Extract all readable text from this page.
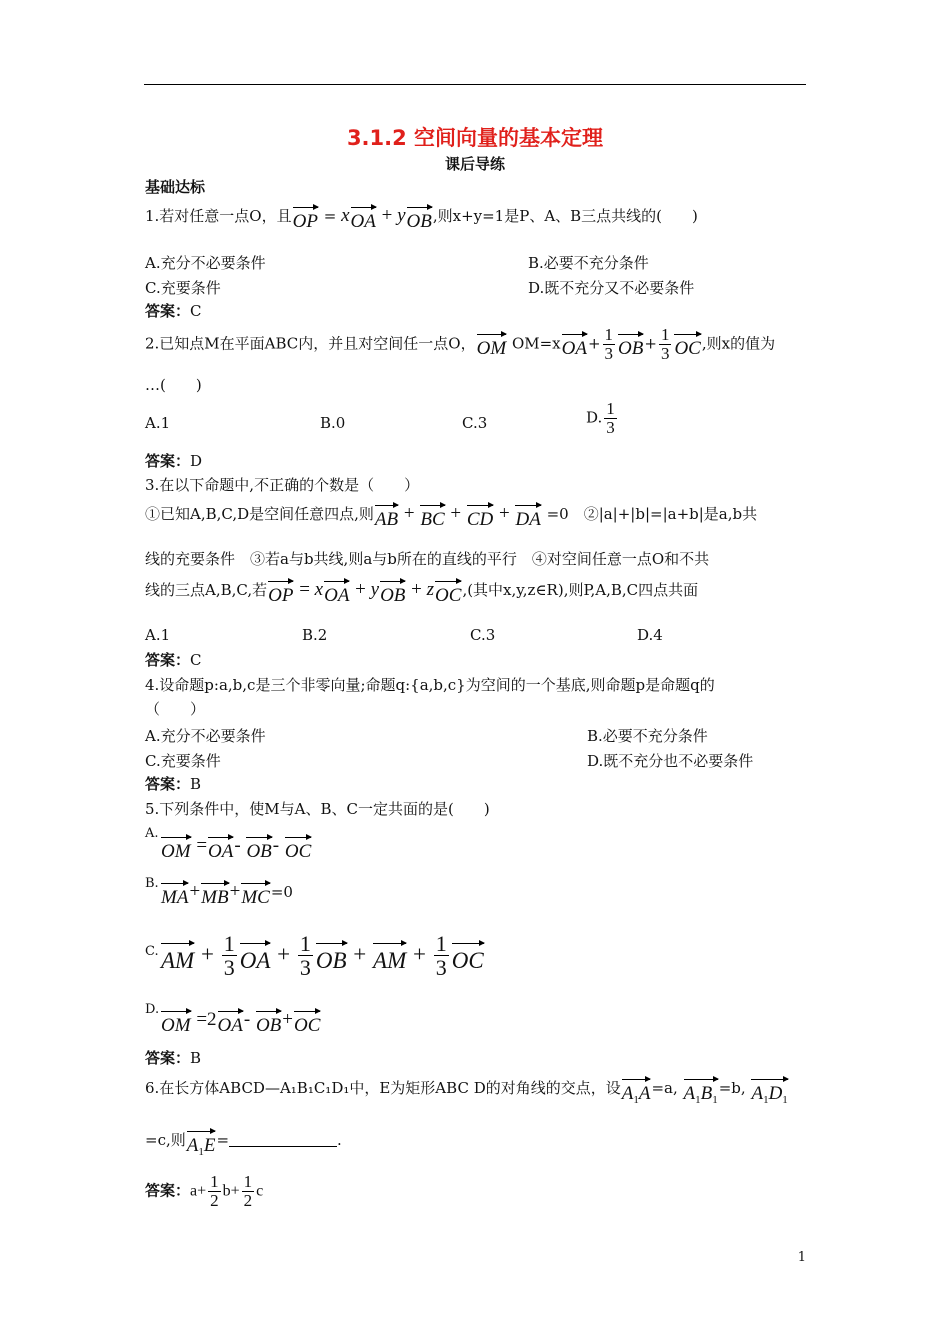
3.1.2 空间向量的基本定理
课后导练
基础达标
1.若对任意一点O，且OP = xOA + yOB,则x+y=1是P、A、B三点共线的(　　)
A.充分不必要条件	B.必要不充分条件
C.充要条件	D.既不充分又不必要条件
答案：C
2.已知点M在平面ABC内，并且对空间任一点O，OM $OM=xOA+ \frac{1}{3} OB+ \frac{1}{3}$ OC,则x的值为
…(　　)
A.1	B.0	C.3	D. $\frac{1}{3}$
答案：D
3.在以下命题中,不正确的个数是（　　）
①已知A,B,C,D是空间任意四点,则AB + BC + CD + DA =0　②|a|+|b|=|a+b|是a,b共
线的充要条件　③若a与b共线,则a与b所在的直线的平行　④对空间任意一点O和不共
线的三点A,B,C,若OP = xOA + yOB + zOC,(其中x,y,z∈R),则P,A,B,C四点共面
A.1	B.2	C.3	D.4
答案：C
4.设命题p:a,b,c是三个非零向量;命题q:{a,b,c}为空间的一个基底,则命题p是命题q的
（　　）
A.充分不必要条件	B.必要不充分条件
C.充要条件	D.既不充分也不必要条件
答案：B
5.下列条件中，使M与A、B、C一定共面的是(　　)
A.
OM =OA- OB- OC
B.
MA+MB+MC=0
C. AM + $\frac{1}{3}$ OA + $\frac{1}{3}$ OB + AM + $\frac{1}{3}$ OC
D.
OM =2OA- OB+OC
答案：B
6.在长方体ABCD—A₁B₁C₁D₁中，E为矩形ABC D的对角线的交点，设$A_1A=a$, $A_1B_1=b$, $A_1D_1$
=c,则$A_1E=$	.
答案：$a+ \frac{1}{2} b+ \frac{1}{2}$ c
1
